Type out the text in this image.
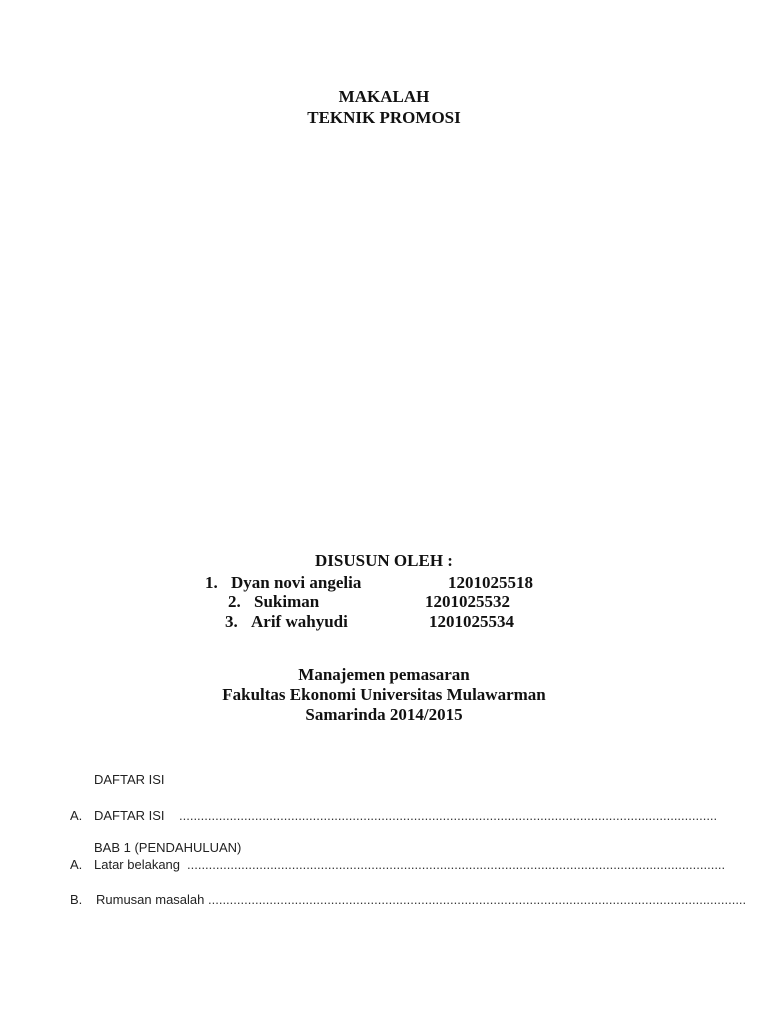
MAKALAH
TEKNIK PROMOSI
DISUSUN OLEH :
1. Dyan novi angelia	1201025518
2. Sukiman	1201025532
3. Arif wahyudi	1201025534
Manajemen pemasaran
Fakultas Ekonomi Universitas Mulawarman
Samarinda 2014/2015
DAFTAR ISI
A. DAFTAR ISI .....................................................................................................................................................
BAB 1 (PENDAHULUAN)
A. Latar belakang .....................................................................................................................................................
B. Rumusan masalah .....................................................................................................................................................
